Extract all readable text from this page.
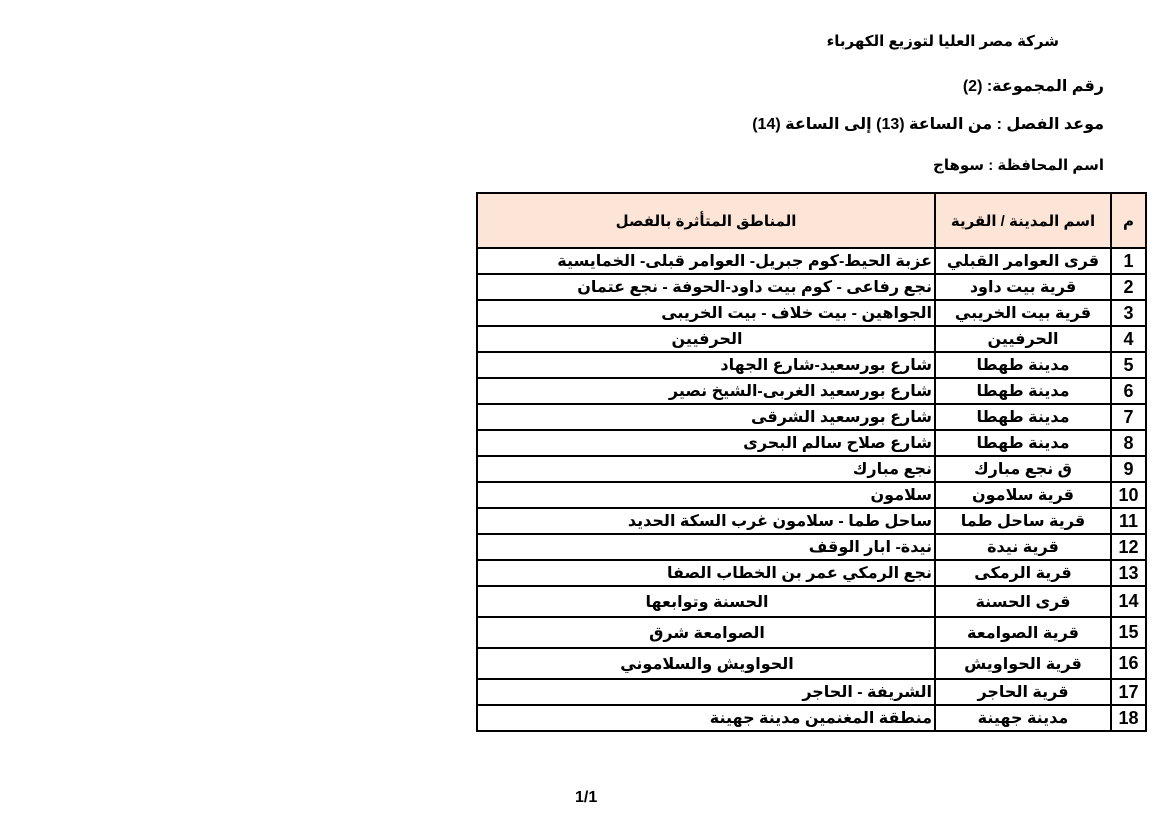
شركة مصر العليا لتوزيع الكهرباء
رقم المجموعة: (2)
موعد الفصل : من الساعة (13) إلى الساعة (14)
اسم المحافظة : سوهاج
م	اسم المدينة / القرية	المناطق المتأثرة بالفصل
1	قرى العوامر القبلي	عزبة الحيط-كوم جبريل- العوامر قبلى- الخمايسية
2	قرية بيت داود	نجع رفاعى - كوم بيت داود-الحوفة - نجع عتمان
3	قرية بيت الخريبي	الجواهين - بيت خلاف - بيت الخريبى
4	الحرفيين	الحرفيين
5	مدينة طهطا	شارع بورسعيد-شارع الجهاد
6	مدينة طهطا	شارع بورسعيد الغربى-الشيخ نصير
7	مدينة طهطا	شارع بورسعيد الشرقى
8	مدينة طهطا	شارع صلاح سالم البحرى
9	ق نجع مبارك	نجع مبارك
10	قرية سلامون	سلامون
11	قرية ساحل طما	ساحل طما - سلامون غرب السكة الحديد
12	قرية نيدة	نيدة- ابار الوقف
13	قرية الرمكى	نجع الرمكي عمر بن الخطاب الصفا
14	قرى الحسنة	الحسنة وتوابعها
15	قرية الصوامعة	الصوامعة شرق
16	قرية الحواويش	الحواويش والسلاموني
17	قرية الحاجر	الشريفة - الحاجر
18	مدينة جهينة	منطقة المغنمين مدينة جهينة
1/1
